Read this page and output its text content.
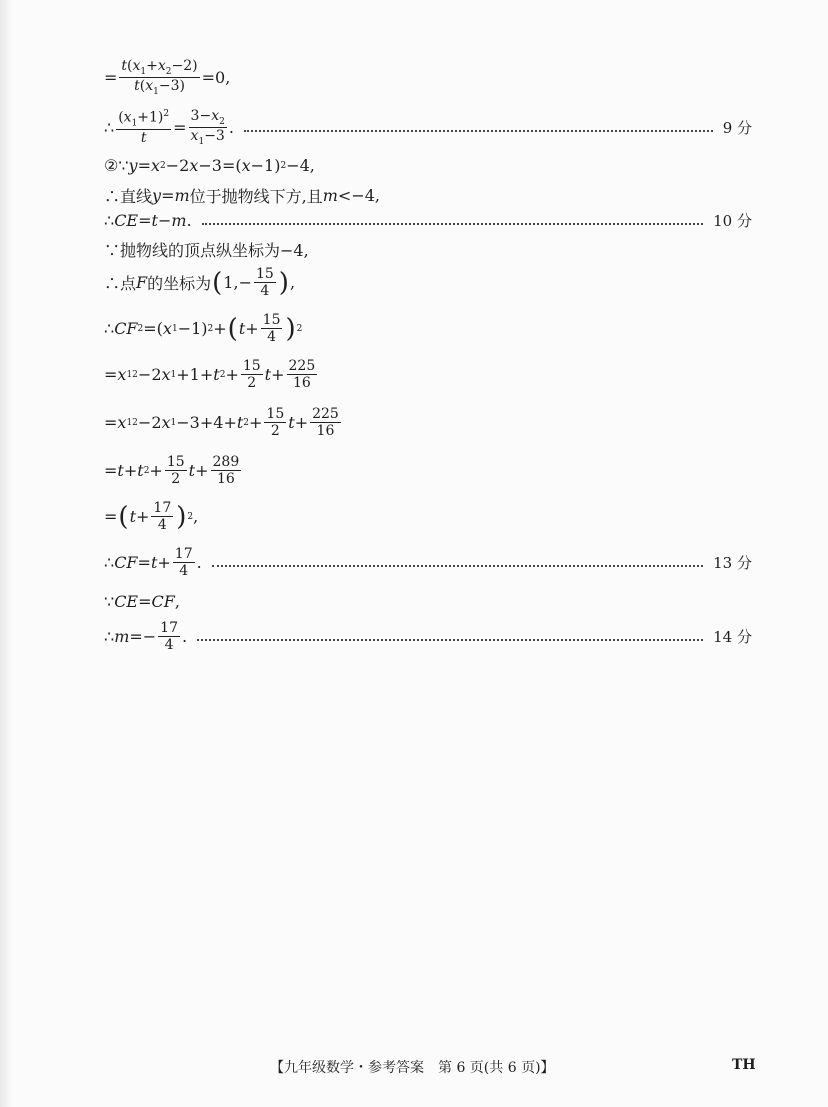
= $\frac{t(x_1+x_2-2)}{t(x_1-3)} =0$,
∴ $\frac{(x_1+1)^2}{t} = \frac{3-x_2}{x_1-3}$ .	9 分
②∵ y = x 2 −2 x −3=( x −1) 2 −4,
∴直线 y = m 位于抛物线下方,且 m <−4,
∴ CE = t − m .	10 分
∵抛物线的顶点纵坐标为−4,
∴点 F 的坐标为 ( $1,- \frac{15}{4}$ ) ,
∴ CF 2 =( x 1 −1) 2 + ( $t + \frac{15}{4}$ ) 2
= x 1 2 −2 x 1 +1+ t $2 + \frac{15}{2}$ $t + \frac{225}{16}$
= x 1 2 −2 x 1 −3+4+ t $2 + \frac{15}{2}$ $t + \frac{225}{16}$
= t + t $2 + \frac{15}{2}$ $t + \frac{289}{16}$
= ( $t + \frac{17}{4}$ ) 2 ,
∴ CF = $t + \frac{17}{4}$ .	13 分
∵ CE = CF ,
∴ $m =- \frac{17}{4}$ .	14 分
【九年级数学・参考答案　第 6 页(共 6 页)】	TH
